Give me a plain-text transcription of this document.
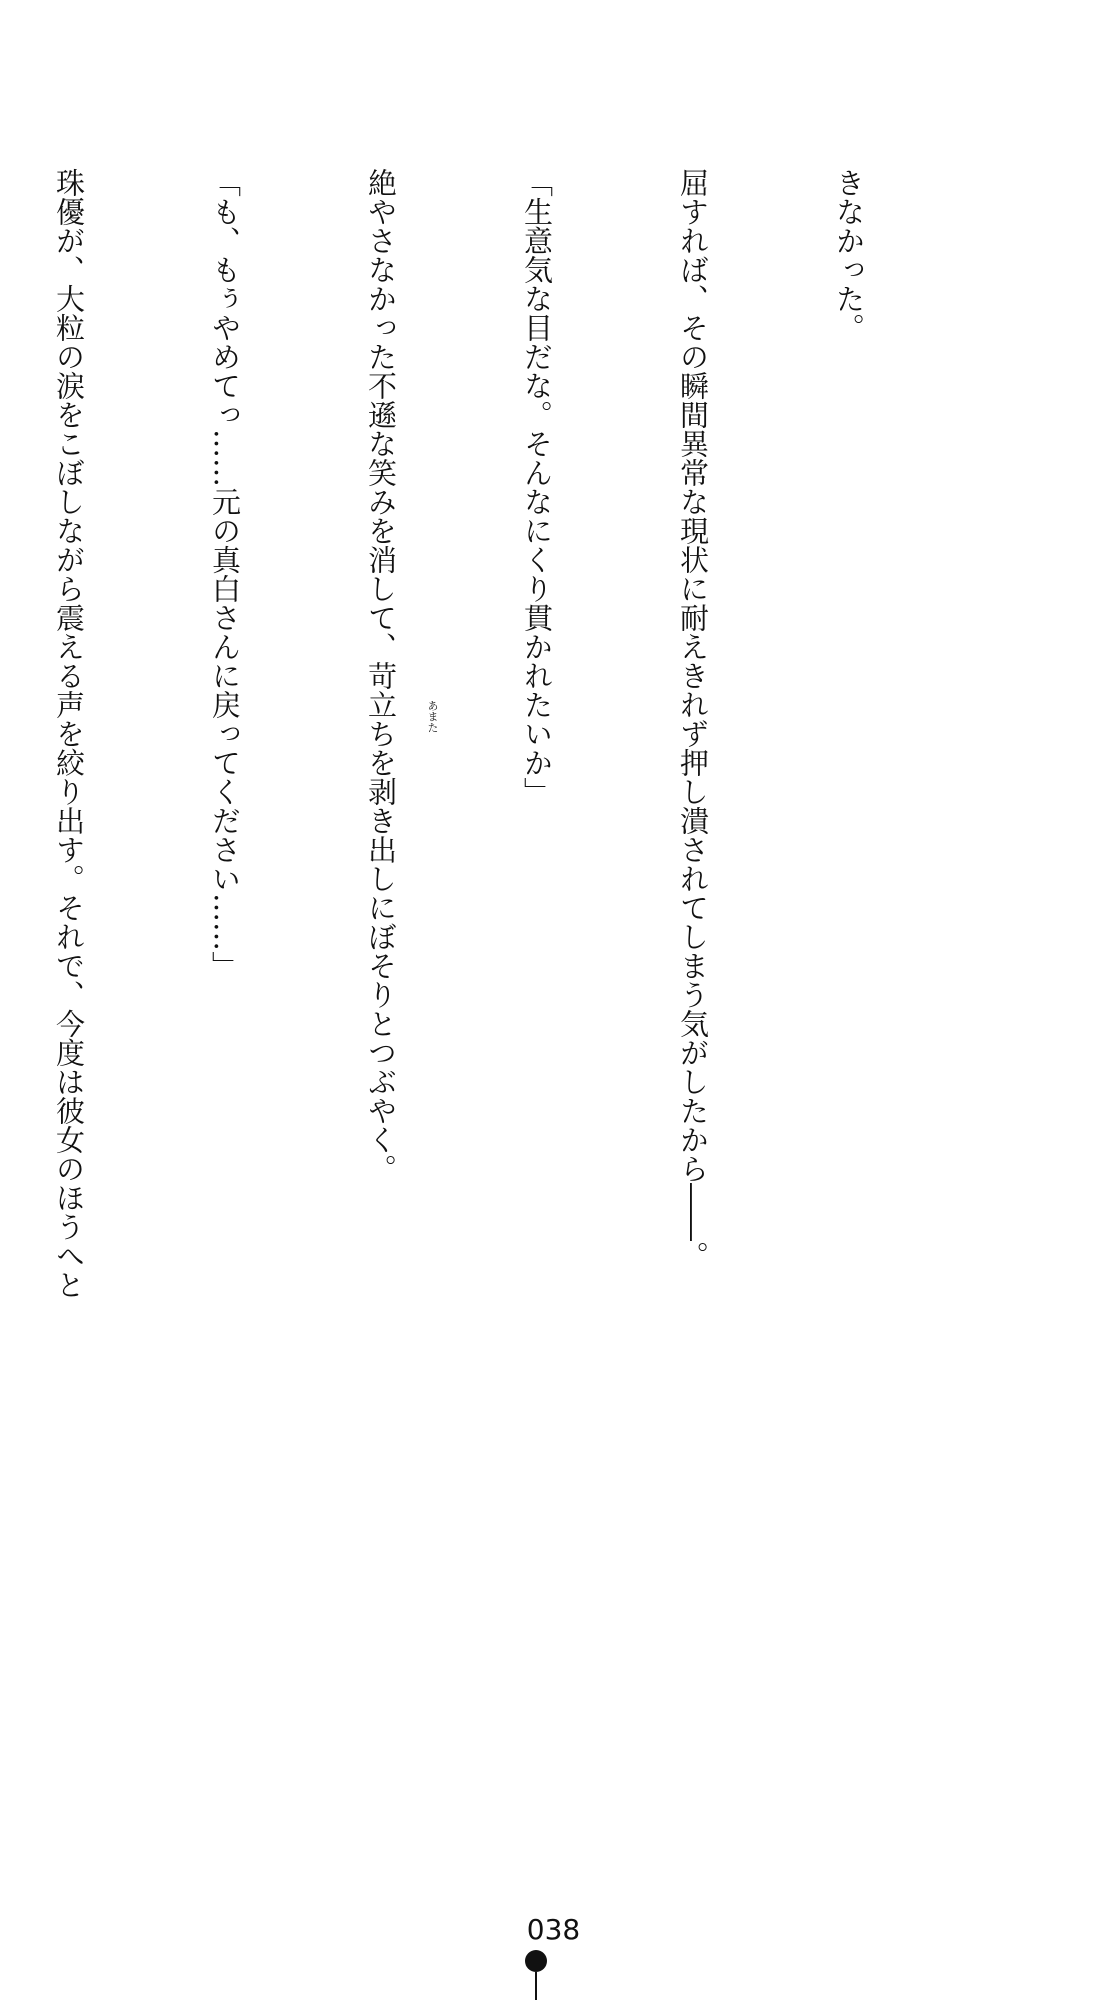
きなかった。

屈すれば、その瞬間異常な現状に耐えきれず押し潰されてしまう気がしたから――。

「生意気な目だな。そんなにくり貫かれたいか」

絶やさなかった不遜な笑みを消して、苛立ちを剥き出しにぼそりとつぶやく。

「も、もぅやめてっ……元の真白さんに戻ってください……」

珠優が、大粒の涙をこぼしながら震える声を絞り出す。それで、今度は彼女のほうへと

	あまた
038
